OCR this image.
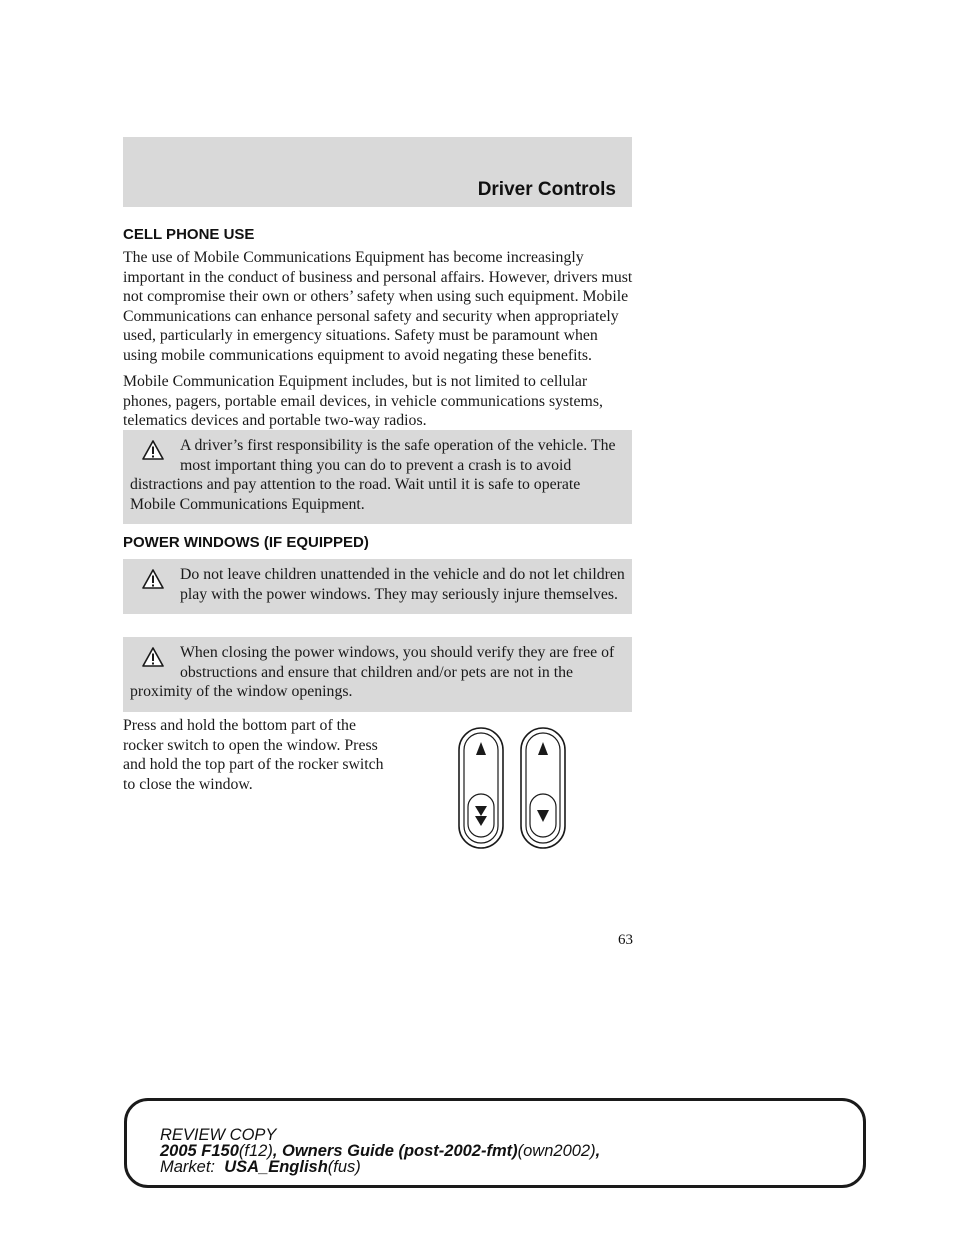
Driver Controls
CELL PHONE USE

The use of Mobile Communications Equipment has become increasingly important in the conduct of business and personal affairs. However, drivers must not compromise their own or others’ safety when using such equipment. Mobile Communications can enhance personal safety and security when appropriately used, particularly in emergency situations. Safety must be paramount when using mobile communications equipment to avoid negating these benefits.

Mobile Communication Equipment includes, but is not limited to cellular phones, pagers, portable email devices, in vehicle communications systems, telematics devices and portable two-way radios.

A driver’s first responsibility is the safe operation of the vehicle. The most important thing you can do to prevent a crash is to avoid distractions and pay attention to the road. Wait until it is safe to operate Mobile Communications Equipment.

POWER WINDOWS (IF EQUIPPED)

Do not leave children unattended in the vehicle and do not let children play with the power windows. They may seriously injure themselves.

When closing the power windows, you should verify they are free of obstructions and ensure that children and/or pets are not in the proximity of the window openings.

Press and hold the bottom part of the rocker switch to open the window. Press and hold the top part of the rocker switch to close the window.

63
REVIEW COPY
2005 F150(f12), Owners Guide (post-2002-fmt)(own2002),
Market: USA_English(fus)
